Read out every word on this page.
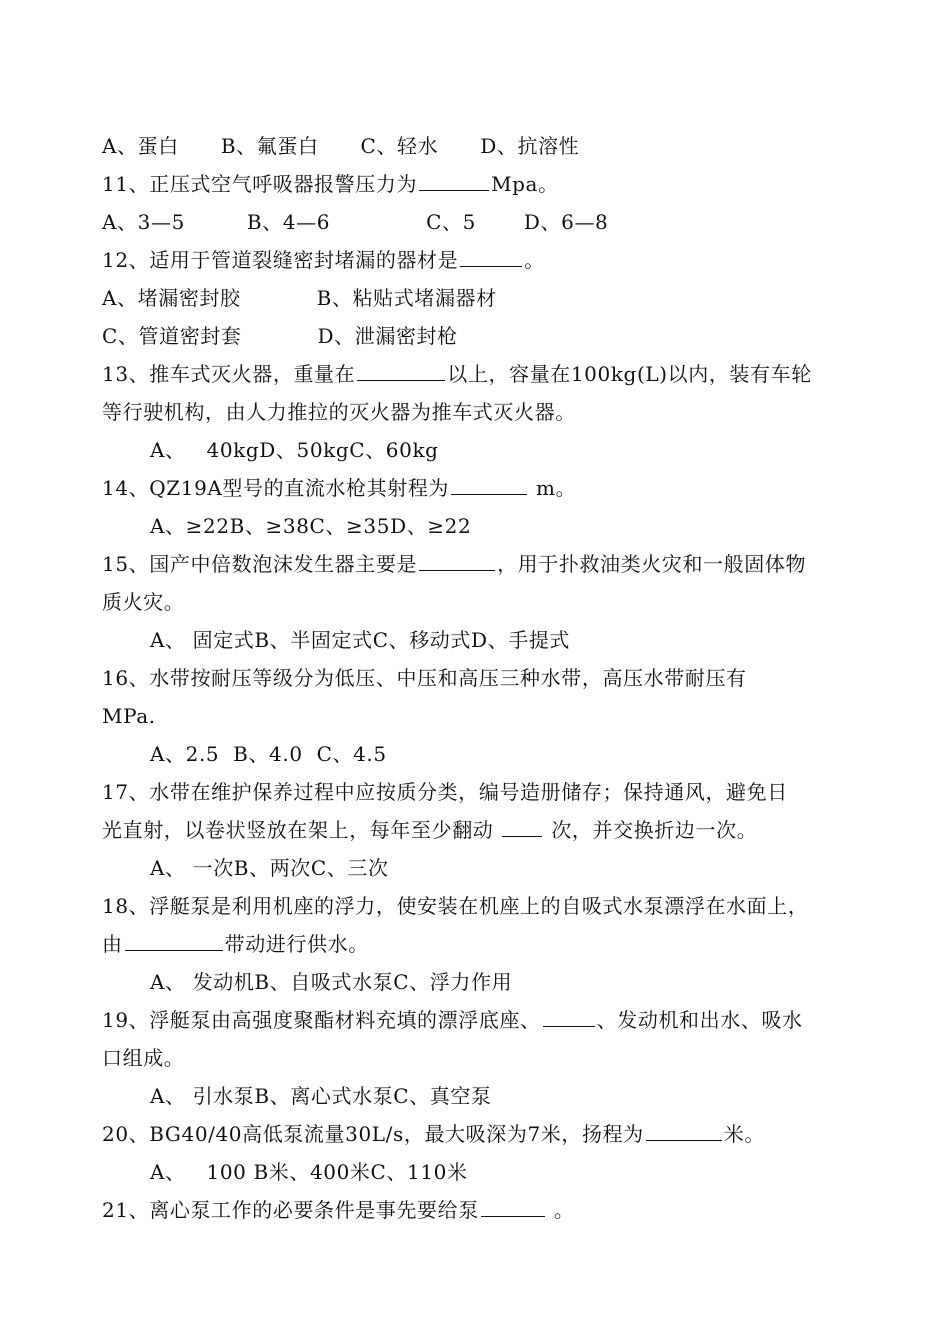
A、蛋白 B、氟蛋白 C、轻水 D、抗溶性
11、正压式空气呼吸器报警压力为	Mpa。
A、3—5	B、4—6	C、5 D、6—8
12、适用于管道裂缝密封堵漏的器材是	。
A、堵漏密封胶	B、粘贴式堵漏器材
C、管道密封套	D、泄漏密封枪
13、推车式灭火器，重量在	以上，容量在100kg(L)以内，装有车轮
等行驶机构，由人力推拉的灭火器为推车式灭火器。
A、   40kgD、50kgC、60kg
14、QZ19A型号的直流水枪其射程为	m。
A、≥22B、≥38C、≥35D、≥22
15、国产中倍数泡沫发生器主要是	，用于扑救油类火灾和一般固体物
质火灾。
A、 固定式B、半固定式C、移动式D、手提式
16、水带按耐压等级分为低压、中压和高压三种水带，高压水带耐压有
MPa.
A、2.5  B、4.0  C、4.5
17、水带在维护保养过程中应按质分类，编号造册储存；保持通风，避免日
光直射，以卷状竖放在架上，每年至少翻动  次，并交换折边一次。
A、 一次B、两次C、三次
18、浮艇泵是利用机座的浮力，使安装在机座上的自吸式水泵漂浮在水面上，
由	带动进行供水。
A、 发动机B、自吸式水泵C、浮力作用
19、浮艇泵由高强度聚酯材料充填的漂浮底座、	、发动机和出水、吸水
口组成。
A、 引水泵B、离心式水泵C、真空泵
20、BG40/40高低泵流量30L/s，最大吸深为7米，扬程为	米。
A、   100 B米、400米C、110米
21、离心泵工作的必要条件是事先要给泵	。
